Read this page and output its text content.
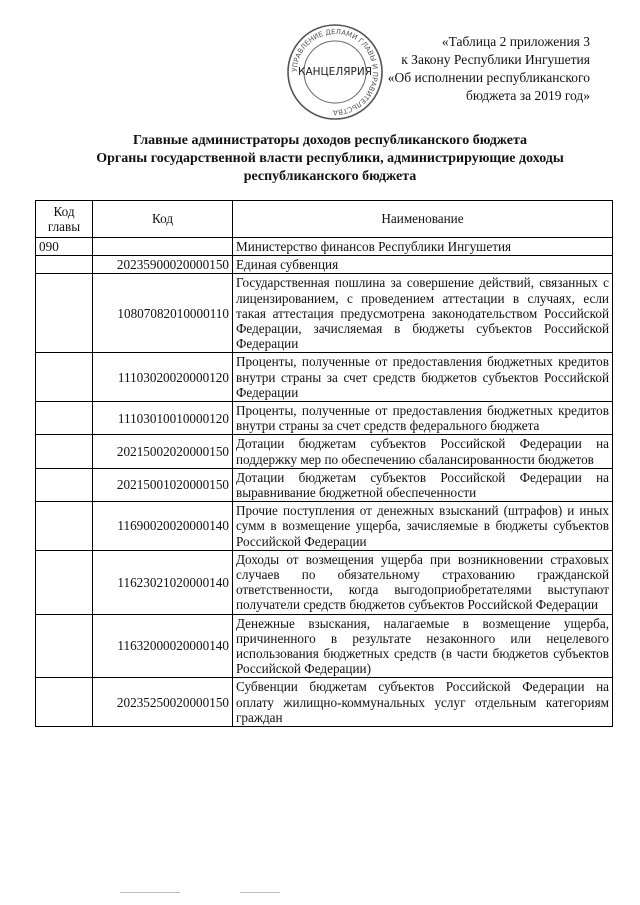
УПРАВЛЕНИЕ ДЕЛАМИ ГЛАВЫ И ПРАВИТЕЛЬСТВА
КАНЦЕЛЯРИЯ
«Таблица 2 приложения 3
к Закону Республики Ингушетия
«Об исполнении республиканского
бюджета за 2019 год»
Главные администраторы доходов республиканского бюджета
Органы государственной власти республики, администрирующие доходы
республиканского бюджета
Код главы	Код	Наименование
090		Министерство финансов Республики Ингушетия
	20235900020000150	Единая субвенция
	10807082010000110	Государственная пошлина за совершение действий, связанных с лицензированием, с проведением аттестации в случаях, если такая аттестация предусмотрена законодательством Российской Федерации, зачисляемая в бюджеты субъектов Российской Федерации
	11103020020000120	Проценты, полученные от предоставления бюджетных кредитов внутри страны за счет средств бюджетов субъектов Российской Федерации
	11103010010000120	Проценты, полученные от предоставления бюджетных кредитов внутри страны за счет средств федерального бюджета
	20215002020000150	Дотации бюджетам субъектов Российской Федерации на поддержку мер по обеспечению сбалансированности бюджетов
	20215001020000150	Дотации бюджетам субъектов Российской Федерации на выравнивание бюджетной обеспеченности
	11690020020000140	Прочие поступления от денежных взысканий (штрафов) и иных сумм в возмещение ущерба, зачисляемые в бюджеты субъектов Российской Федерации
	11623021020000140	Доходы от возмещения ущерба при возникновении страховых случаев по обязательному страхованию гражданской ответственности, когда выгодоприобретателями выступают получатели средств бюджетов субъектов Российской Федерации
	11632000020000140	Денежные взыскания, налагаемые в возмещение ущерба, причиненного в результате незаконного или нецелевого использования бюджетных средств (в части бюджетов субъектов Российской Федерации)
	20235250020000150	Субвенции бюджетам субъектов Российской Федерации на оплату жилищно-коммунальных услуг отдельным категориям граждан
